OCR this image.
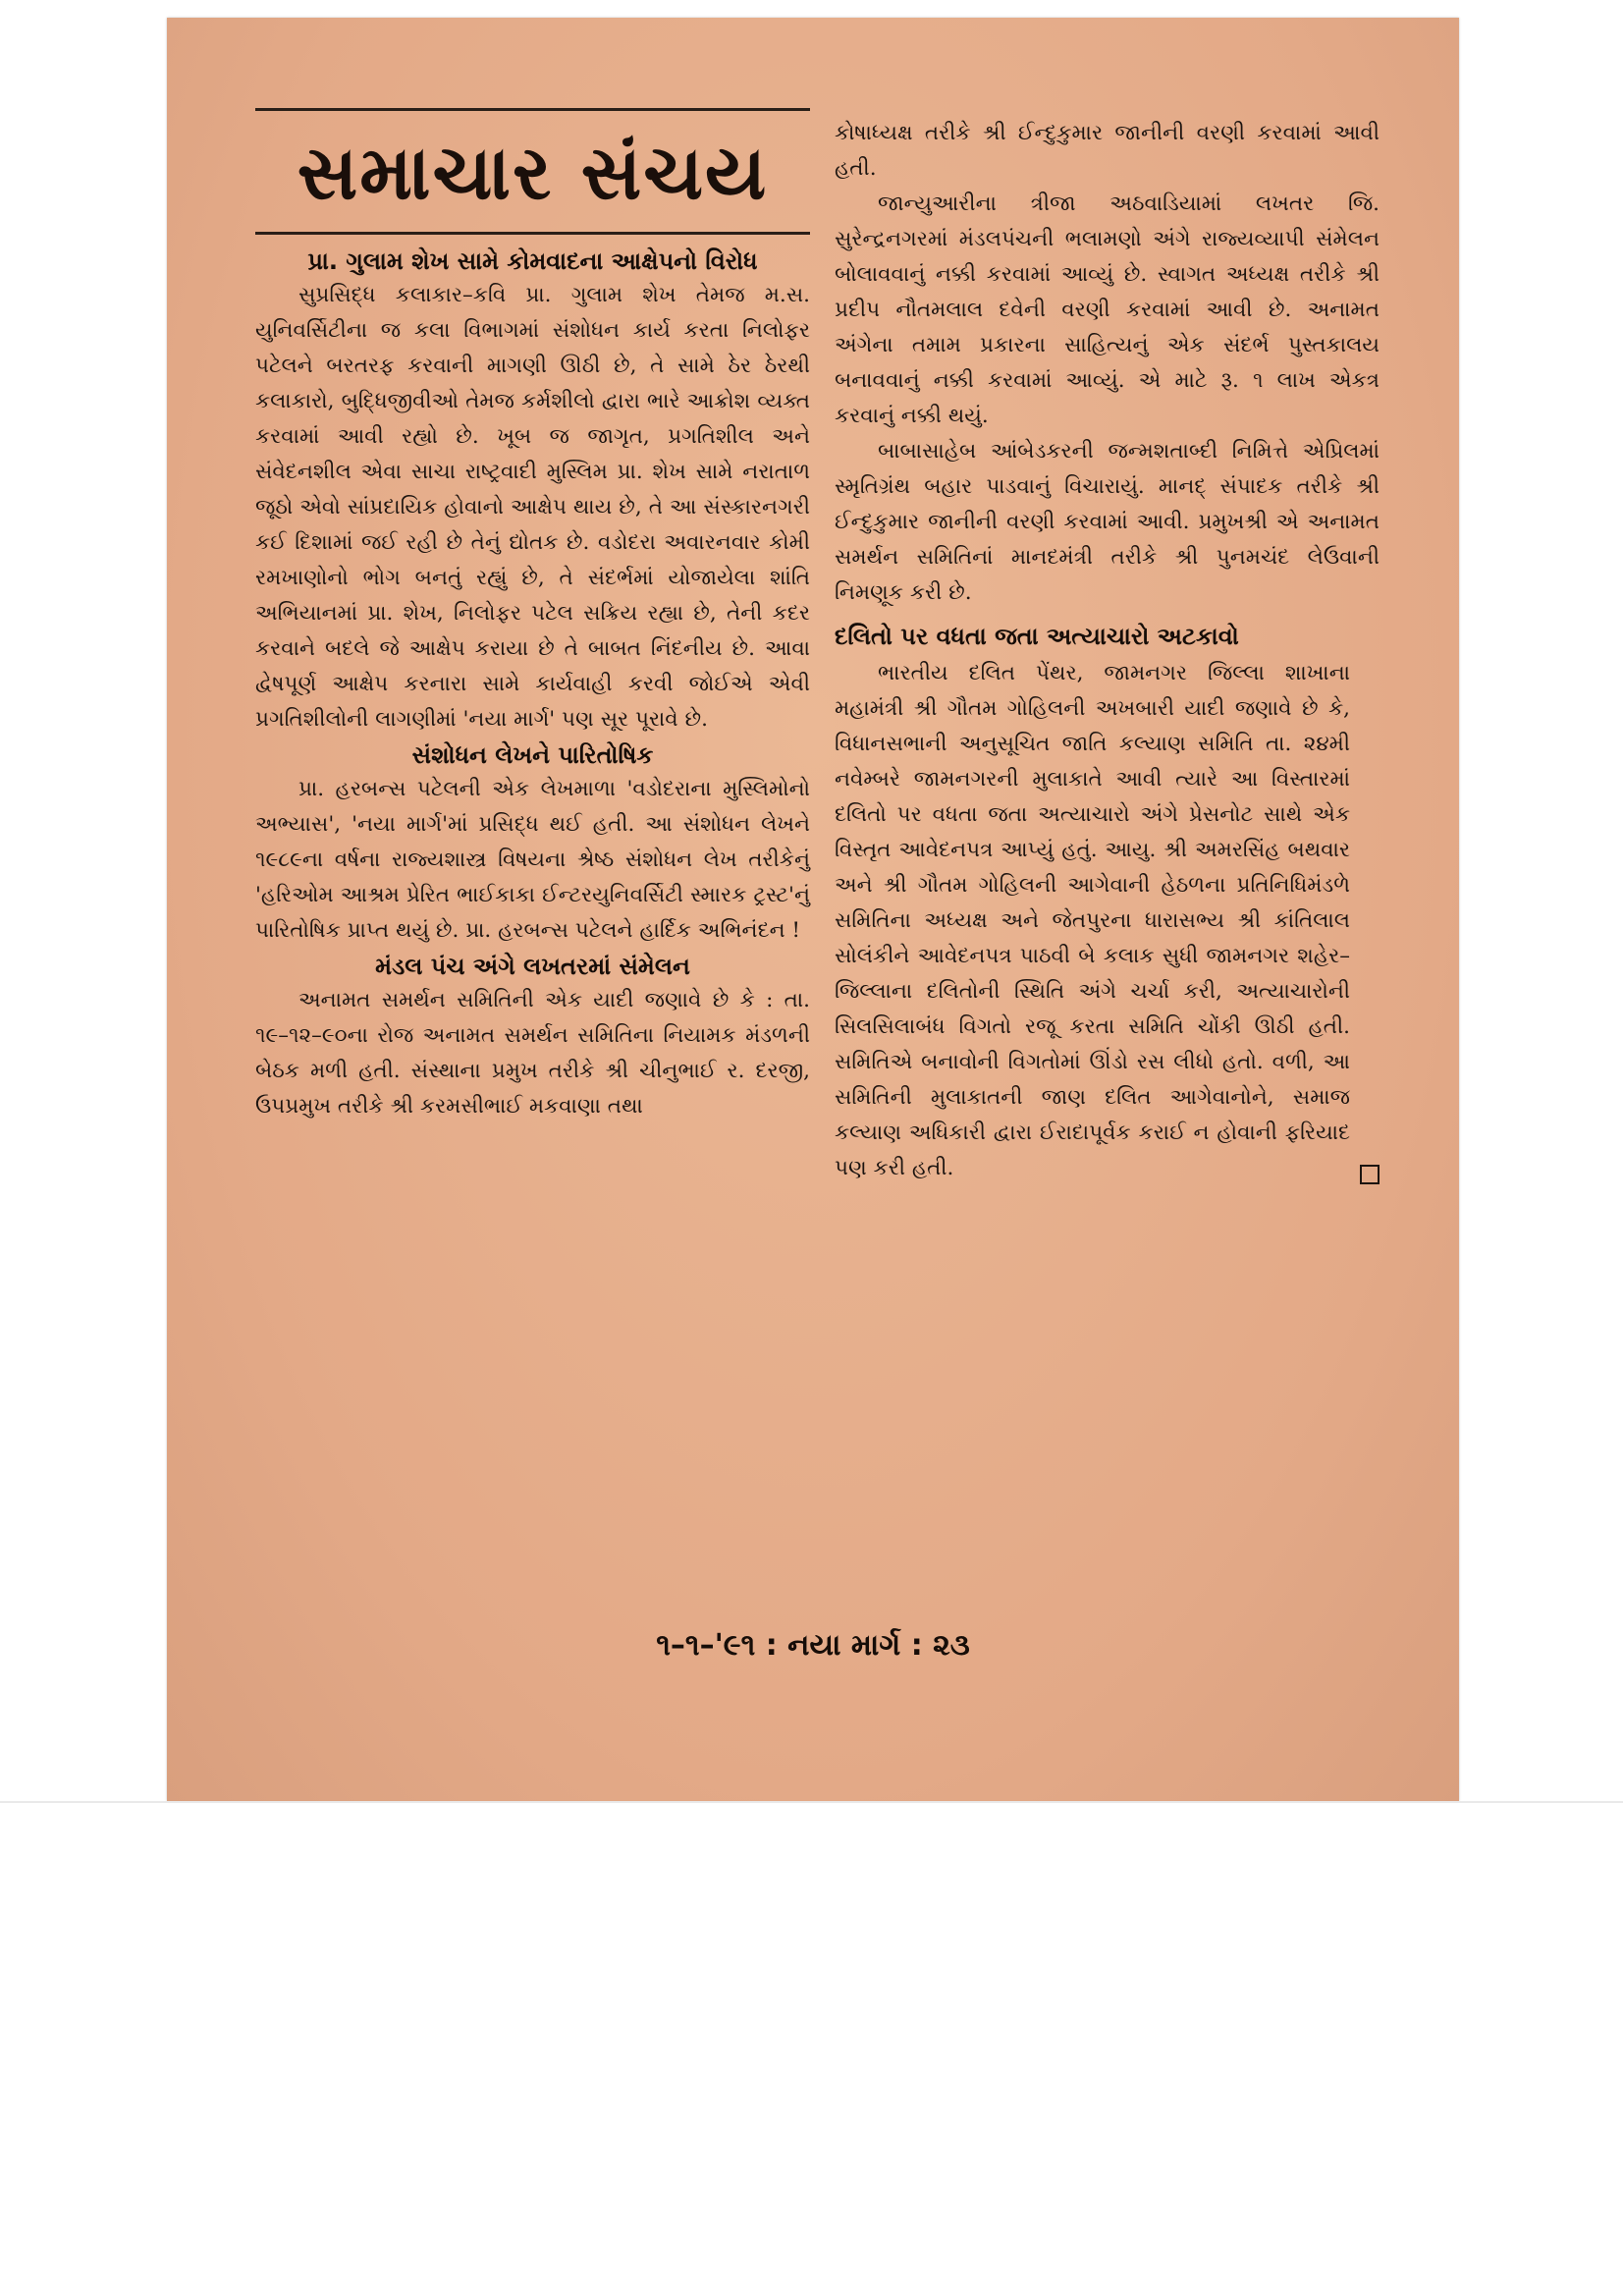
સમાચાર સંચય
પ્રા. ગુલામ શેખ સામે કોમવાદના આક્ષેપનો વિરોધ

સુપ્રસિદ્ધ કલાકાર–કવિ પ્રા. ગુલામ શેખ તેમજ મ.સ. યુનિવર્સિટીના જ કલા વિભાગમાં સંશોધન કાર્ય કરતા નિલોફર પટેલને બરતરફ કરવાની માગણી ઊઠી છે, તે સામે ઠેર ઠેરથી કલાકારો, બુદ્ધિજીવીઓ તેમજ કર્મશીલો દ્વારા ભારે આક્રોશ વ્યક્ત કરવામાં આવી રહ્યો છે. ખૂબ જ જાગૃત, પ્રગતિશીલ અને સંવેદનશીલ એવા સાચા રાષ્ટ્રવાદી મુસ્લિમ પ્રા. શેખ સામે નરાતાળ જૂઠો એવો સાંપ્રદાયિક હોવાનો આક્ષેપ થાય છે, તે આ સંસ્કારનગરી કઈ દિશામાં જઈ રહી છે તેનું દ્યોતક છે. વડોદરા અવારનવાર કોમી રમખાણોનો ભોગ બનતું રહ્યું છે, તે સંદર્ભમાં યોજાયેલા શાંતિ અભિયાનમાં પ્રા. શેખ, નિલોફર પટેલ સક્રિય રહ્યા છે, તેની કદર કરવાને બદલે જે આક્ષેપ કરાયા છે તે બાબત નિંદનીય છે. આવા દ્વેષપૂર્ણ આક્ષેપ કરનારા સામે કાર્યવાહી કરવી જોઈએ એવી પ્રગતિશીલોની લાગણીમાં 'નયા માર્ગ' પણ સૂર પૂરાવે છે.

સંશોધન લેખને પારિતોષિક

પ્રા. હરબન્સ પટેલની એક લેખમાળા 'વડોદરાના મુસ્લિમોનો અભ્યાસ', 'નયા માર્ગ'માં પ્રસિદ્ધ થઈ હતી. આ સંશોધન લેખને ૧૯૮૯ના વર્ષના રાજ્યશાસ્ત્ર વિષયના શ્રેષ્ઠ સંશોધન લેખ તરીકેનું 'હરિઓમ આશ્રમ પ્રેરિત ભાઈકાકા ઈન્ટરયુનિવર્સિટી સ્મારક ટ્રસ્ટ'નું પારિતોષિક પ્રાપ્ત થયું છે. પ્રા. હરબન્સ પટેલને હાર્દિક અભિનંદન !

મંડલ પંચ અંગે લખતરમાં સંમેલન

અનામત સમર્થન સમિતિની એક યાદી જણાવે છે કે : તા. ૧૯–૧૨–૯૦ના રોજ અનામત સમર્થન સમિતિના નિયામક મંડળની બેઠક મળી હતી. સંસ્થાના પ્રમુખ તરીકે શ્રી ચીનુભાઈ ર. દરજી, ઉપપ્રમુખ તરીકે શ્રી કરમસીભાઈ મકવાણા તથા

કોષાધ્યક્ષ તરીકે શ્રી ઈન્દુકુમાર જાનીની વરણી કરવામાં આવી હતી.

જાન્યુઆરીના ત્રીજા અઠવાડિયામાં લખતર જિ. સુરેન્દ્રનગરમાં મંડલપંચની ભલામણો અંગે રાજ્યવ્યાપી સંમેલન બોલાવવાનું નક્કી કરવામાં આવ્યું છે. સ્વાગત અધ્યક્ષ તરીકે શ્રી પ્રદીપ નૌતમલાલ દવેની વરણી કરવામાં આવી છે. અનામત અંગેના તમામ પ્રકારના સાહિત્યનું એક સંદર્ભ પુસ્તકાલય બનાવવાનું નક્કી કરવામાં આવ્યું. એ માટે રૂ. ૧ લાખ એકત્ર કરવાનું નક્કી થયું.

બાબાસાહેબ આંબેડકરની જન્મશતાબ્દી નિમિત્તે એપ્રિલમાં સ્મૃતિગ્રંથ બહાર પાડવાનું વિચારાયું. માનદ્ સંપાદક તરીકે શ્રી ઈન્દુકુમાર જાનીની વરણી કરવામાં આવી. પ્રમુખશ્રી એ અનામત સમર્થન સમિતિનાં માનદમંત્રી તરીકે શ્રી પુનમચંદ લેઉવાની નિમણૂક કરી છે.

દલિતો પર વધતા જતા અત્યાચારો અટકાવો

ભારતીય દલિત પેંથર, જામનગર જિલ્લા શાખાના મહામંત્રી શ્રી ગૌતમ ગોહિલની અખબારી યાદી જણાવે છે કે, વિધાનસભાની અનુસૂચિત જાતિ કલ્યાણ સમિતિ તા. ૨૪મી નવેમ્બરે જામનગરની મુલાકાતે આવી ત્યારે આ વિસ્તારમાં દલિતો પર વધતા જતા અત્યાચારો અંગે પ્રેસનોટ સાથે એક વિસ્તૃત આવેદનપત્ર આપ્યું હતું. આયુ. શ્રી અમરસિંહ બથવાર અને શ્રી ગૌતમ ગોહિલની આગેવાની હેઠળના પ્રતિનિધિમંડળે સમિતિના અધ્યક્ષ અને જેતપુરના ધારાસભ્ય શ્રી કાંતિલાલ સોલંકીને આવેદનપત્ર પાઠવી બે કલાક સુધી જામનગર શહેર–જિલ્લાના દલિતોની સ્થિતિ અંગે ચર્ચા કરી, અત્યાચારોની સિલસિલાબંધ વિગતો રજૂ કરતા સમિતિ ચોંકી ઊઠી હતી. સમિતિએ બનાવોની વિગતોમાં ઊંડો રસ લીધો હતો. વળી, આ સમિતિની મુલાકાતની જાણ દલિત આગેવાનોને, સમાજ કલ્યાણ અધિકારી દ્વારા ઈરાદાપૂર્વક કરાઈ ન હોવાની ફરિયાદ પણ કરી હતી.

૧–૧–'૯૧ : નયા માર્ગ : ૨૩
